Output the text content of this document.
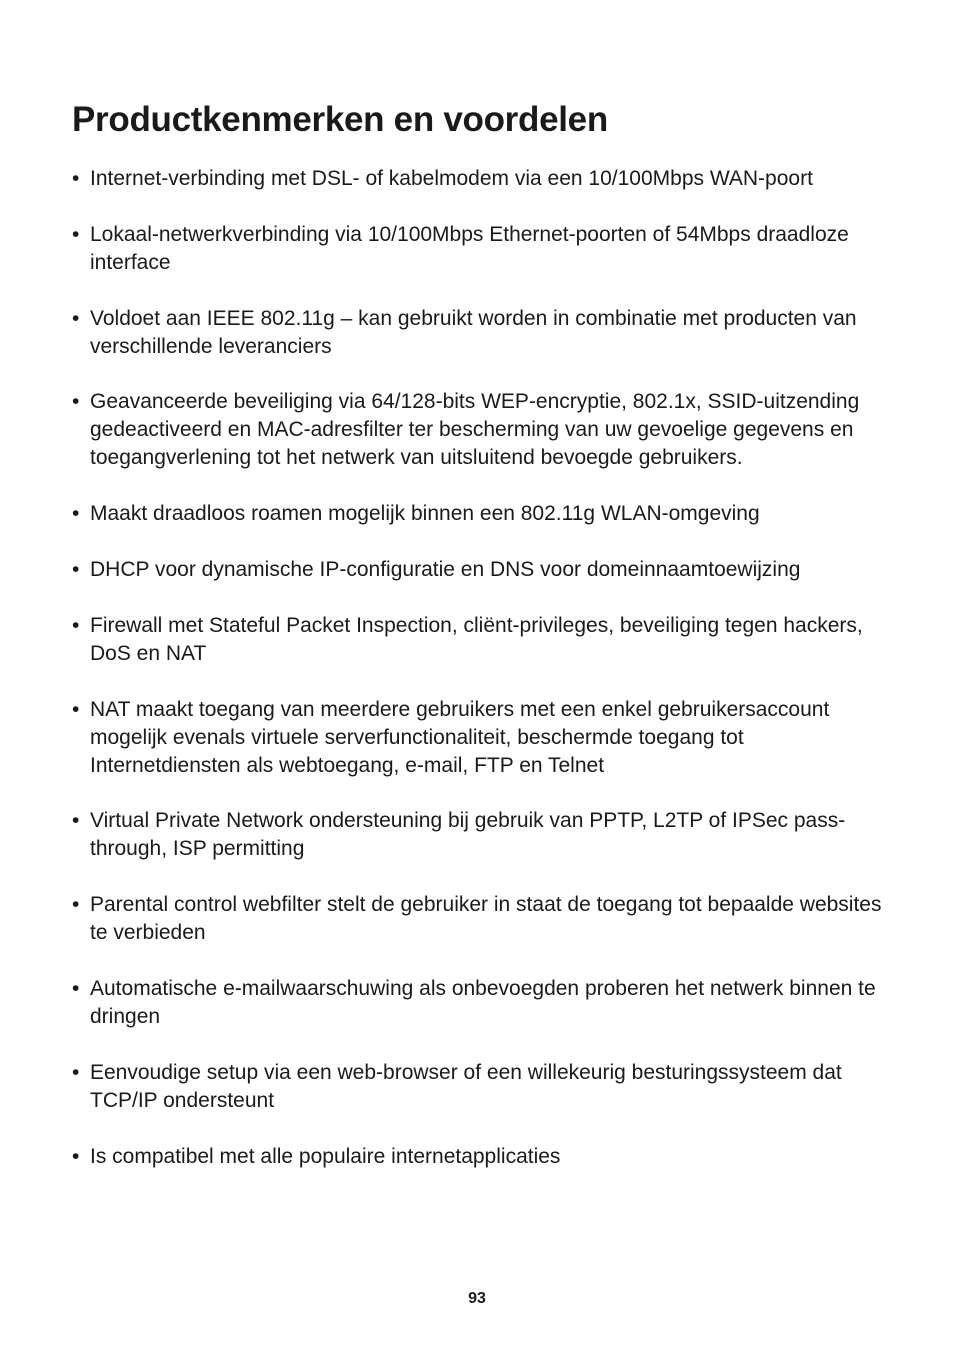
Productkenmerken en voordelen
• Internet-verbinding met DSL- of kabelmodem via een 10/100Mbps WAN-poort
• Lokaal-netwerkverbinding via 10/100Mbps Ethernet-poorten of 54Mbps draadloze interface
• Voldoet aan IEEE 802.11g – kan gebruikt worden in combinatie met producten van verschillende leveranciers
• Geavanceerde beveiliging via 64/128-bits WEP-encryptie, 802.1x, SSID-uitzending gedeactiveerd en MAC-adresfilter ter bescherming van uw gevoelige gegevens en toegangverlening tot het netwerk van uitsluitend bevoegde gebruikers.
• Maakt draadloos roamen mogelijk binnen een 802.11g WLAN-omgeving
• DHCP voor dynamische IP-configuratie en DNS voor domeinnaamtoewijzing
• Firewall met Stateful Packet Inspection, cliënt-privileges, beveiliging tegen hackers, DoS en NAT
• NAT maakt toegang van meerdere gebruikers met een enkel gebruikersaccount mogelijk evenals virtuele serverfunctionaliteit, beschermde toegang tot Internetdiensten als webtoegang, e-mail, FTP en Telnet
• Virtual Private Network ondersteuning bij gebruik van PPTP, L2TP of IPSec pass-through, ISP permitting
• Parental control webfilter stelt de gebruiker in staat de toegang tot bepaalde websites te verbieden
• Automatische e-mailwaarschuwing als onbevoegden proberen het netwerk binnen te dringen
• Eenvoudige setup via een web-browser of een willekeurig besturingssysteem dat TCP/IP ondersteunt
• Is compatibel met alle populaire internetapplicaties
93
